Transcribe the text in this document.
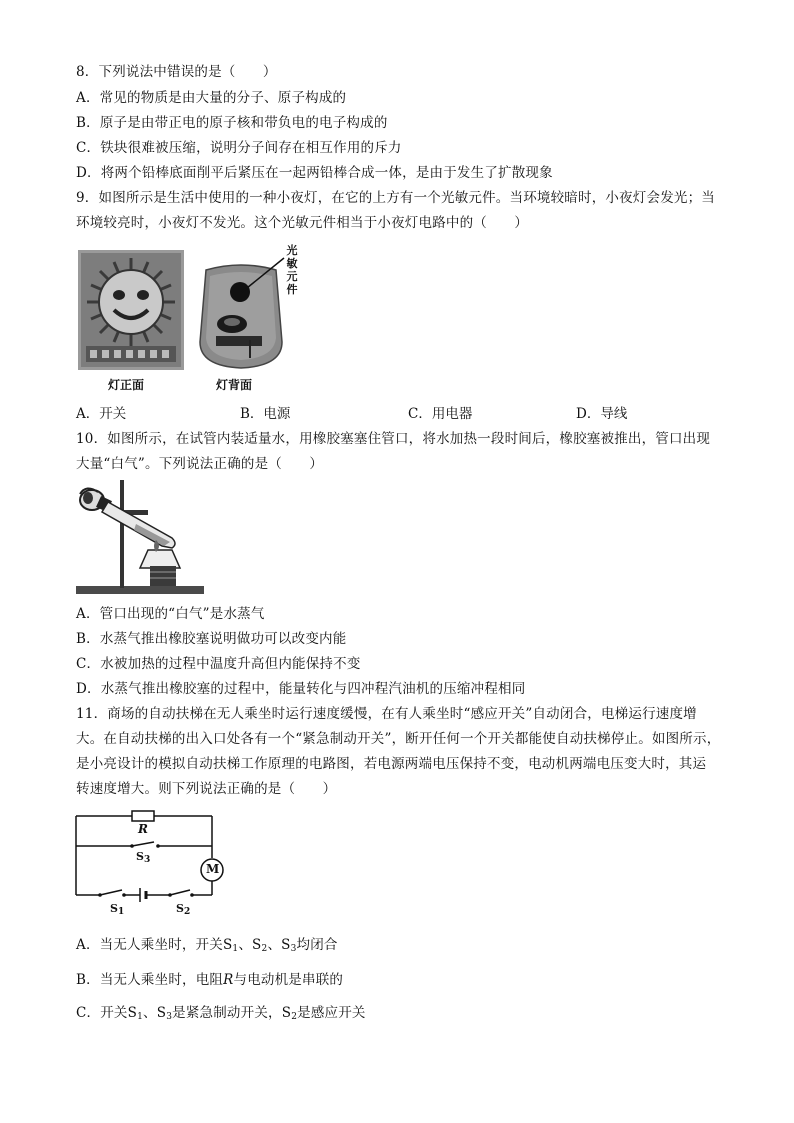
8．下列说法中错误的是（　　）
A．常见的物质是由大量的分子、原子构成的
B．原子是由带正电的原子核和带负电的电子构成的
C．铁块很难被压缩，说明分子间存在相互作用的斥力
D．将两个铅棒底面削平后紧压在一起两铅棒合成一体，是由于发生了扩散现象
9．如图所示是生活中使用的一种小夜灯，在它的上方有一个光敏元件。当环境较暗时，小夜灯会发光；当
环境较亮时，小夜灯不发光。这个光敏元件相当于小夜灯电路中的（　　）
灯正面
光
敏
元
件
灯背面
A．开关	B．电源	C．用电器	D．导线
10．如图所示，在试管内装适量水，用橡胶塞塞住管口，将水加热一段时间后，橡胶塞被推出，管口出现
大量“白气”。下列说法正确的是（　　）
A．管口出现的“白气”是水蒸气
B．水蒸气推出橡胶塞说明做功可以改变内能
C．水被加热的过程中温度升高但内能保持不变
D．水蒸气推出橡胶塞的过程中，能量转化与四冲程汽油机的压缩冲程相同
11．商场的自动扶梯在无人乘坐时运行速度缓慢，在有人乘坐时“感应开关”自动闭合，电梯运行速度增
大。在自动扶梯的出入口处各有一个“紧急制动开关”，断开任何一个开关都能使自动扶梯停止。如图所示，
是小亮设计的模拟自动扶梯工作原理的电路图，若电源两端电压保持不变，电动机两端电压变大时，其运
转速度增大。则下列说法正确的是（　　）
R
$S_3$
M
$S_1$	$S_2$
A．当无人乘坐时，开关$S_1$、$S_2$、$S_3$均闭合
B．当无人乘坐时，电阻R与电动机是串联的
C．开关$S_1$、$S_3$是紧急制动开关，$S_2$是感应开关
